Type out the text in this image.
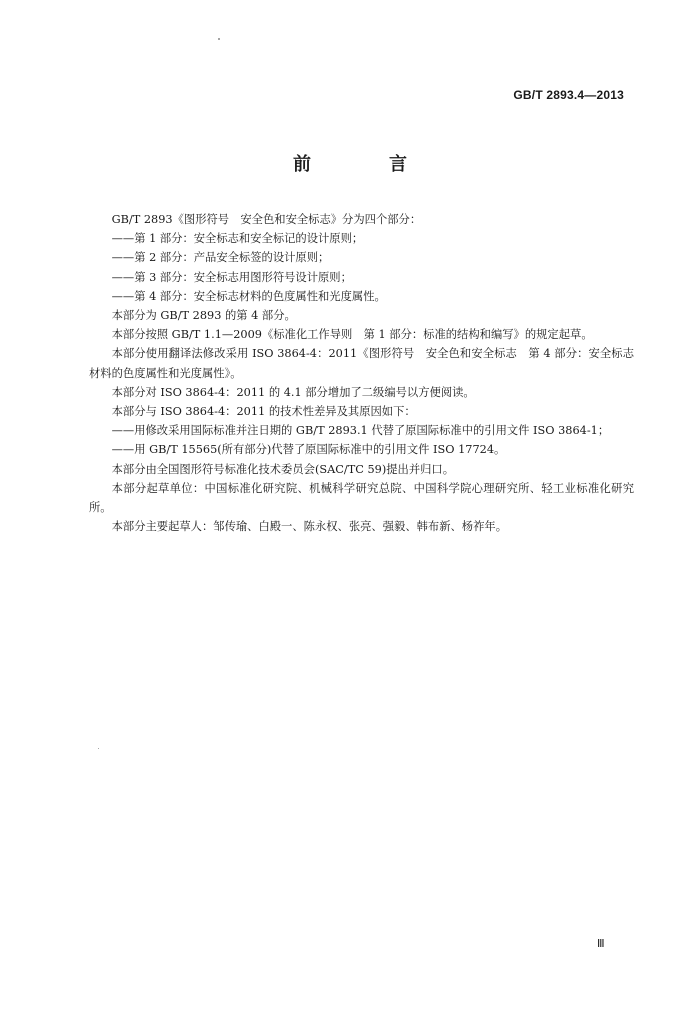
GB/T 2893.4—2013
前　言

GB/T 2893《图形符号　安全色和安全标志》分为四个部分：

——第 1 部分：安全标志和安全标记的设计原则；

——第 2 部分：产品安全标签的设计原则；

——第 3 部分：安全标志用图形符号设计原则；

——第 4 部分：安全标志材料的色度属性和光度属性。

本部分为 GB/T 2893 的第 4 部分。

本部分按照 GB/T 1.1—2009《标准化工作导则　第 1 部分：标准的结构和编写》的规定起草。

本部分使用翻译法修改采用 ISO 3864-4：2011《图形符号　安全色和安全标志　第 4 部分：安全标志材料的色度属性和光度属性》。

本部分对 ISO 3864-4：2011 的 4.1 部分增加了二级编号以方便阅读。

本部分与 ISO 3864-4：2011 的技术性差异及其原因如下：

——用修改采用国际标准并注日期的 GB/T 2893.1 代替了原国际标准中的引用文件 ISO 3864-1；

——用 GB/T 15565(所有部分)代替了原国际标准中的引用文件 ISO 17724。

本部分由全国图形符号标准化技术委员会(SAC/TC 59)提出并归口。

本部分起草单位：中国标准化研究院、机械科学研究总院、中国科学院心理研究所、轻工业标准化研究所。

本部分主要起草人：邹传瑜、白殿一、陈永权、张亮、强毅、韩布新、杨祚年。

Ⅲ
